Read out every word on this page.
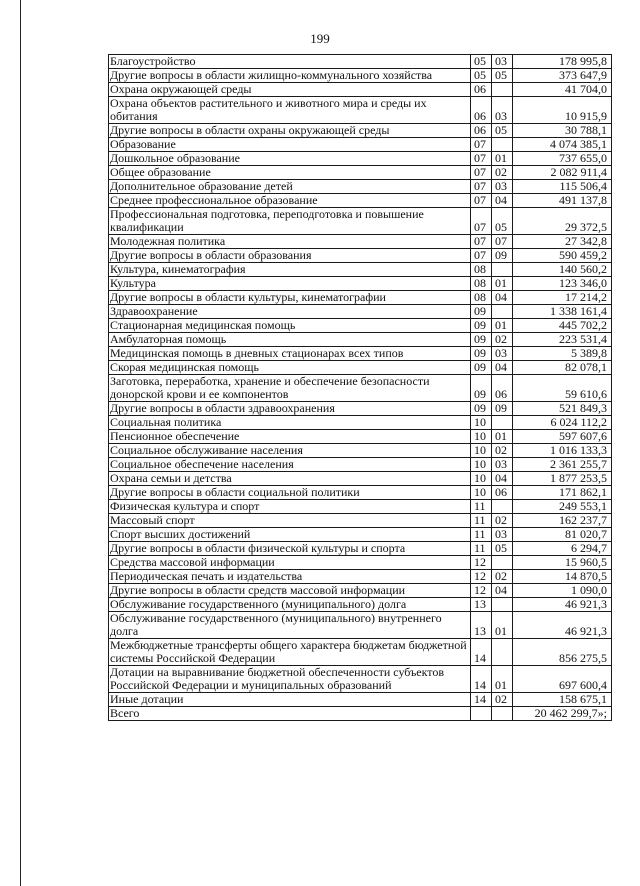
199
Благоустройство	05	03	178 995,8
Другие вопросы в области жилищно-коммунального хозяйства	05	05	373 647,9
Охрана окружающей среды	06		41 704,0
Охрана объектов растительного и животного мира и среды их обитания	06	03	10 915,9
Другие вопросы в области охраны окружающей среды	06	05	30 788,1
Образование	07		4 074 385,1
Дошкольное образование	07	01	737 655,0
Общее образование	07	02	2 082 911,4
Дополнительное образование детей	07	03	115 506,4
Среднее профессиональное образование	07	04	491 137,8
Профессиональная подготовка, переподготовка и повышение квалификации	07	05	29 372,5
Молодежная политика	07	07	27 342,8
Другие вопросы в области образования	07	09	590 459,2
Культура, кинематография	08		140 560,2
Культура	08	01	123 346,0
Другие вопросы в области культуры, кинематографии	08	04	17 214,2
Здравоохранение	09		1 338 161,4
Стационарная медицинская помощь	09	01	445 702,2
Амбулаторная помощь	09	02	223 531,4
Медицинская помощь в дневных стационарах всех типов	09	03	5 389,8
Скорая медицинская помощь	09	04	82 078,1
Заготовка, переработка, хранение и обеспечение безопасности донорской крови и ее компонентов	09	06	59 610,6
Другие вопросы в области здравоохранения	09	09	521 849,3
Социальная политика	10		6 024 112,2
Пенсионное обеспечение	10	01	597 607,6
Социальное обслуживание населения	10	02	1 016 133,3
Социальное обеспечение населения	10	03	2 361 255,7
Охрана семьи и детства	10	04	1 877 253,5
Другие вопросы в области социальной политики	10	06	171 862,1
Физическая культура и спорт	11		249 553,1
Массовый спорт	11	02	162 237,7
Спорт высших достижений	11	03	81 020,7
Другие вопросы в области физической культуры и спорта	11	05	6 294,7
Средства массовой информации	12		15 960,5
Периодическая печать и издательства	12	02	14 870,5
Другие вопросы в области средств массовой информации	12	04	1 090,0
Обслуживание государственного (муниципального) долга	13		46 921,3
Обслуживание государственного (муниципального) внутреннего долга	13	01	46 921,3
Межбюджетные трансферты общего характера бюджетам бюджетной системы Российской Федерации	14		856 275,5
Дотации на выравнивание бюджетной обеспеченности субъектов Российской Федерации и муниципальных образований	14	01	697 600,4
Иные дотации	14	02	158 675,1
Всего			20 462 299,7»;
